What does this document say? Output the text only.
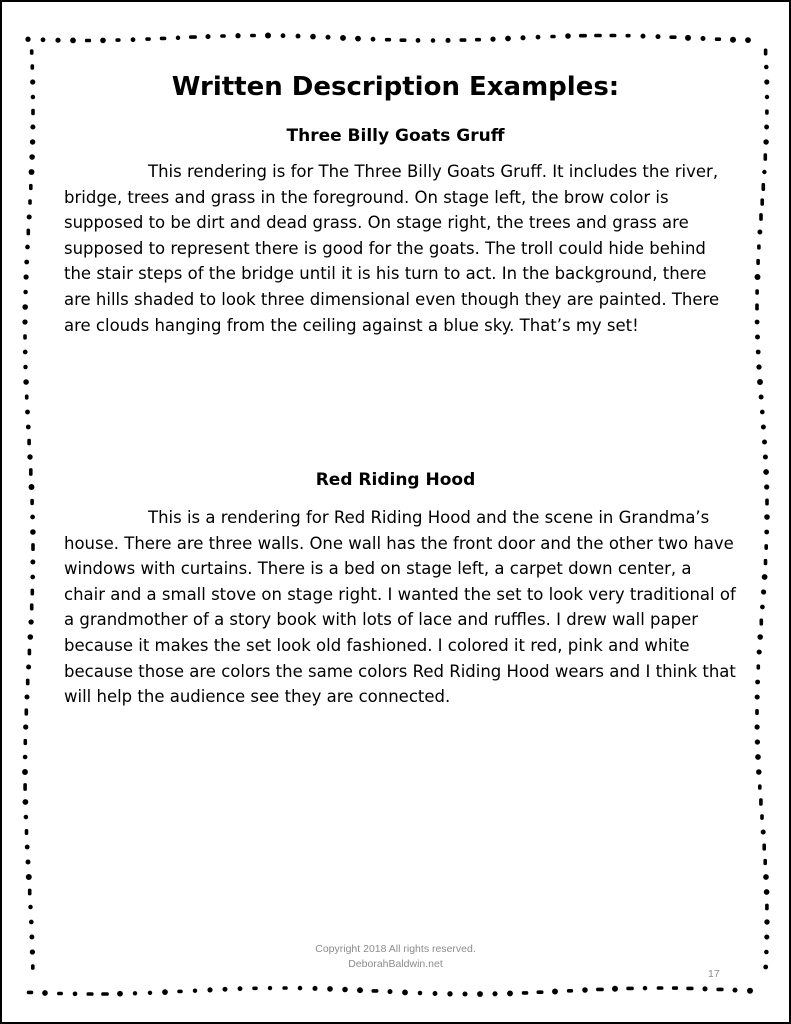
Written Description Examples:
Three Billy Goats Gruff

This rendering is for The Three Billy Goats Gruff. It includes the river, bridge, trees and grass in the foreground. On stage left, the brow color is supposed to be dirt and dead grass. On stage right, the trees and grass are supposed to represent there is good for the goats. The troll could hide behind the stair steps of the bridge until it is his turn to act. In the background, there are hills shaded to look three dimensional even though they are painted. There are clouds hanging from the ceiling against a blue sky. That’s my set!

Red Riding Hood

This is a rendering for Red Riding Hood and the scene in Grandma’s house. There are three walls. One wall has the front door and the other two have windows with curtains. There is a bed on stage left, a carpet down center, a chair and a small stove on stage right. I wanted the set to look very traditional of a grandmother of a story book with lots of lace and ruffles. I drew wall paper because it makes the set look old fashioned. I colored it red, pink and white because those are colors the same colors Red Riding Hood wears and I think that will help the audience see they are connected.

Copyright 2018 All rights reserved.
DeborahBaldwin.net
17
